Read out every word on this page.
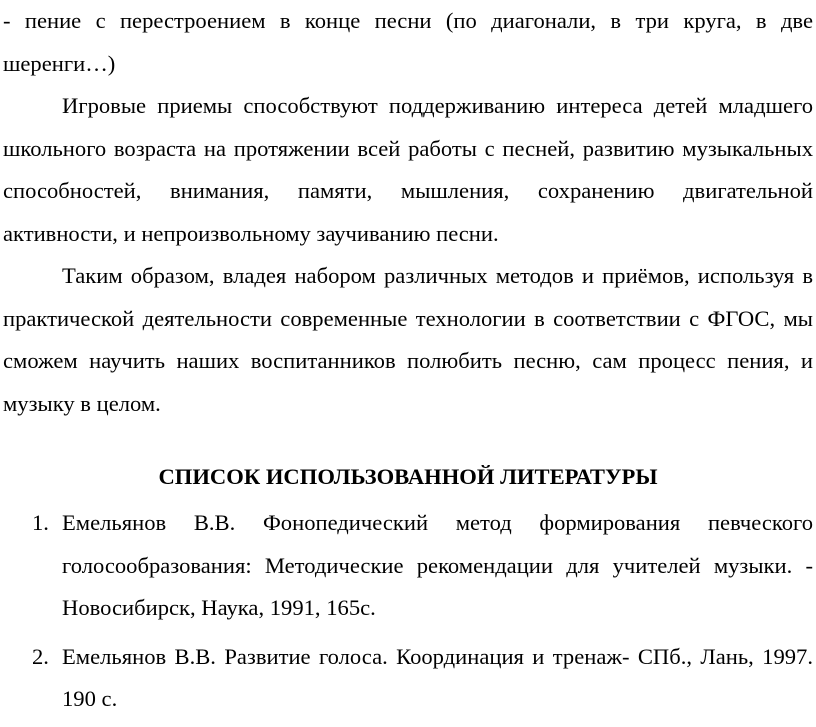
- пение с перестроением в конце песни (по диагонали, в три круга, в две шеренги…)

Игровые приемы способствуют поддерживанию интереса детей младшего школьного возраста на протяжении всей работы с песней, развитию музыкальных способностей, внимания, памяти, мышления, сохранению двигательной активности, и непроизвольному заучиванию песни.

Таким образом, владея набором различных методов и приёмов, используя в практической деятельности современные технологии в соответствии с ФГОС, мы сможем научить наших воспитанников полюбить песню, сам процесс пения, и музыку в целом.

СПИСОК ИСПОЛЬЗОВАННОЙ ЛИТЕРАТУРЫ
1. Емельянов В.В. Фонопедический метод формирования певческого голосообразования: Методические рекомендации для учителей музыки. - Новосибирск, Наука, 1991, 165с.
2. Емельянов В.В. Развитие голоса. Координация и тренаж- СПб., Лань, 1997. 190 с.
